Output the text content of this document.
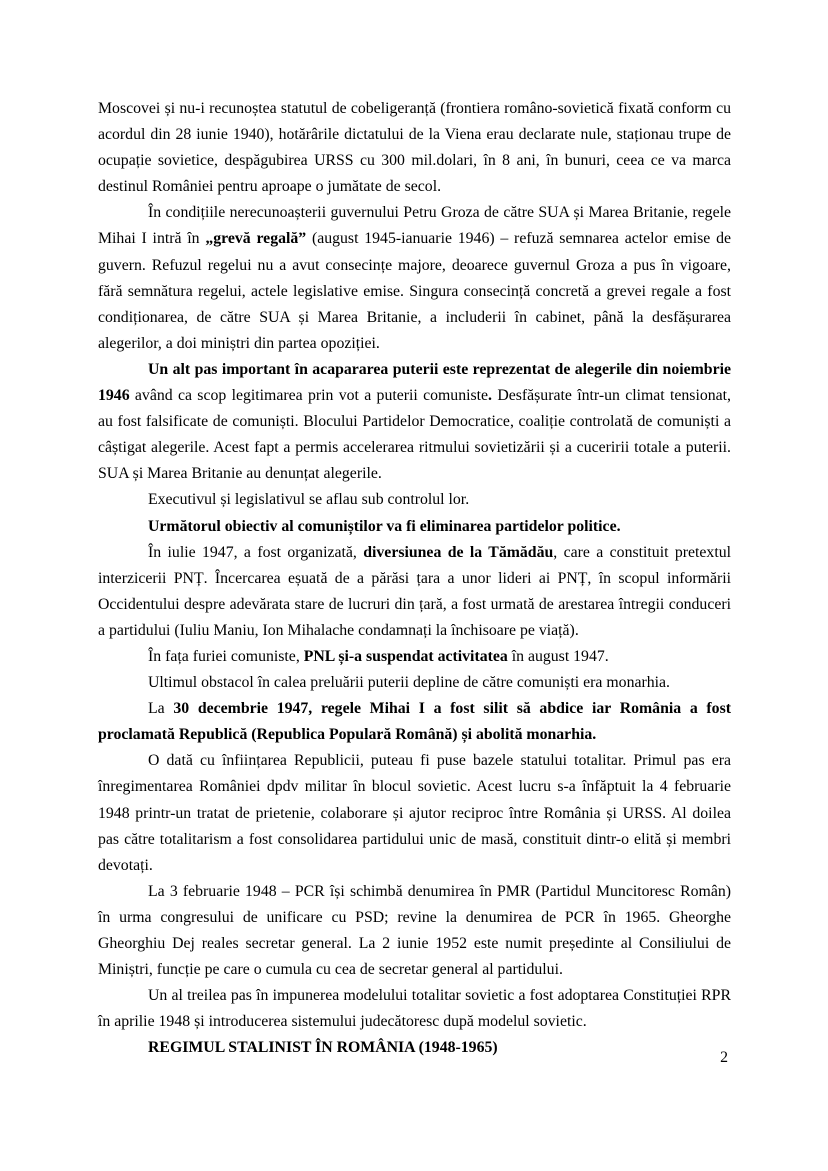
Moscovei și nu-i recunoștea statutul de cobeligeranță (frontiera româno-sovietică fixată conform cu acordul din 28 iunie 1940), hotărârile dictatului de la Viena erau declarate nule, staționau trupe de ocupație sovietice, despăgubirea URSS cu 300 mil.dolari, în 8 ani, în bunuri, ceea ce va marca destinul României pentru aproape o jumătate de secol.

În condițiile nerecunoașterii guvernului Petru Groza de către SUA și Marea Britanie, regele Mihai I intră în „grevă regală” (august 1945-ianuarie 1946) – refuză semnarea actelor emise de guvern. Refuzul regelui nu a avut consecințe majore, deoarece guvernul Groza a pus în vigoare, fără semnătura regelui, actele legislative emise. Singura consecință concretă a grevei regale a fost condiționarea, de către SUA și Marea Britanie, a includerii în cabinet, până la desfășurarea alegerilor, a doi miniștri din partea opoziției.

Un alt pas important în acapararea puterii este reprezentat de alegerile din noiembrie 1946 având ca scop legitimarea prin vot a puterii comuniste. Desfășurate într-un climat tensionat, au fost falsificate de comuniști. Blocului Partidelor Democratice, coaliție controlată de comuniști a câștigat alegerile. Acest fapt a permis accelerarea ritmului sovietizării și a cuceririi totale a puterii. SUA și Marea Britanie au denunțat alegerile.

Executivul și legislativul se aflau sub controlul lor.

Următorul obiectiv al comuniștilor va fi eliminarea partidelor politice.

În iulie 1947, a fost organizată, diversiunea de la Tămădău, care a constituit pretextul interzicerii PNȚ. Încercarea eșuată de a părăsi țara a unor lideri ai PNȚ, în scopul informării Occidentului despre adevărata stare de lucruri din țară, a fost urmată de arestarea întregii conduceri a partidului (Iuliu Maniu, Ion Mihalache condamnați la închisoare pe viață).

În fața furiei comuniste, PNL și-a suspendat activitatea în august 1947.

Ultimul obstacol în calea preluării puterii depline de către comuniști era monarhia.

La 30 decembrie 1947, regele Mihai I a fost silit să abdice iar România a fost proclamată Republică (Republica Populară Română) și abolită monarhia.

O dată cu înființarea Republicii, puteau fi puse bazele statului totalitar. Primul pas era înregimentarea României dpdv militar în blocul sovietic. Acest lucru s-a înfăptuit la 4 februarie 1948 printr-un tratat de prietenie, colaborare și ajutor reciproc între România și URSS. Al doilea pas către totalitarism a fost consolidarea partidului unic de masă, constituit dintr-o elită și membri devotați.

La 3 februarie 1948 – PCR își schimbă denumirea în PMR (Partidul Muncitoresc Român) în urma congresului de unificare cu PSD; revine la denumirea de PCR în 1965. Gheorghe Gheorghiu Dej reales secretar general. La 2 iunie 1952 este numit președinte al Consiliului de Miniștri, funcție pe care o cumula cu cea de secretar general al partidului.

Un al treilea pas în impunerea modelului totalitar sovietic a fost adoptarea Constituției RPR în aprilie 1948 și introducerea sistemului judecătoresc după modelul sovietic.

REGIMUL STALINIST ÎN ROMÂNIA (1948-1965)

2
